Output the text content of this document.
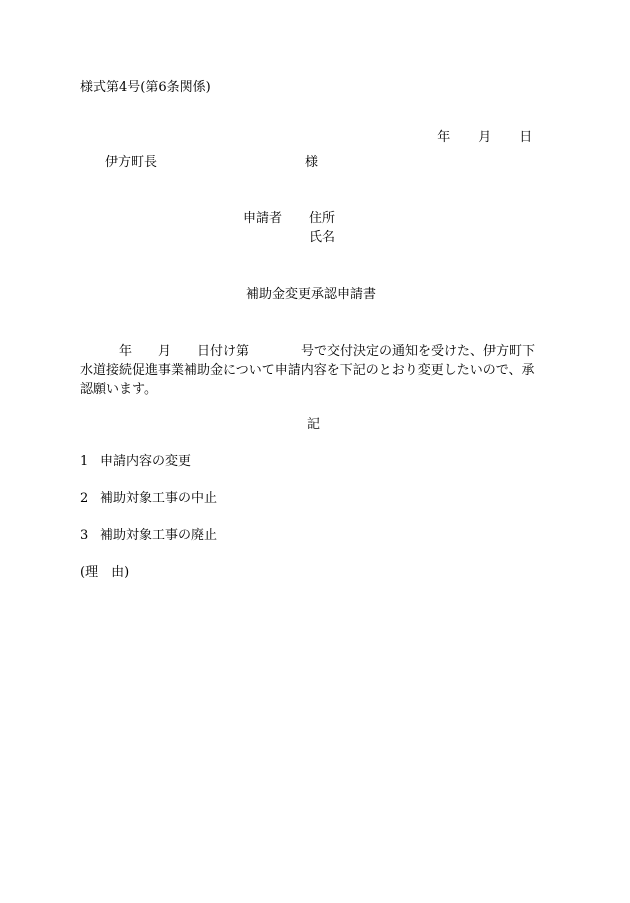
様式第4号(第6条関係)

年 月 日

伊方町長	様
申請者 住所
氏名
補助金変更承認申請書
　　　年　　月　　日付け第　　　　号で交付決定の通知を受けた、伊方町下
水道接続促進事業補助金について申請内容を下記のとおり変更したいので、承
認願います。
記
1 申請内容の変更
2 補助対象工事の中止
3 補助対象工事の廃止
(理　由)
